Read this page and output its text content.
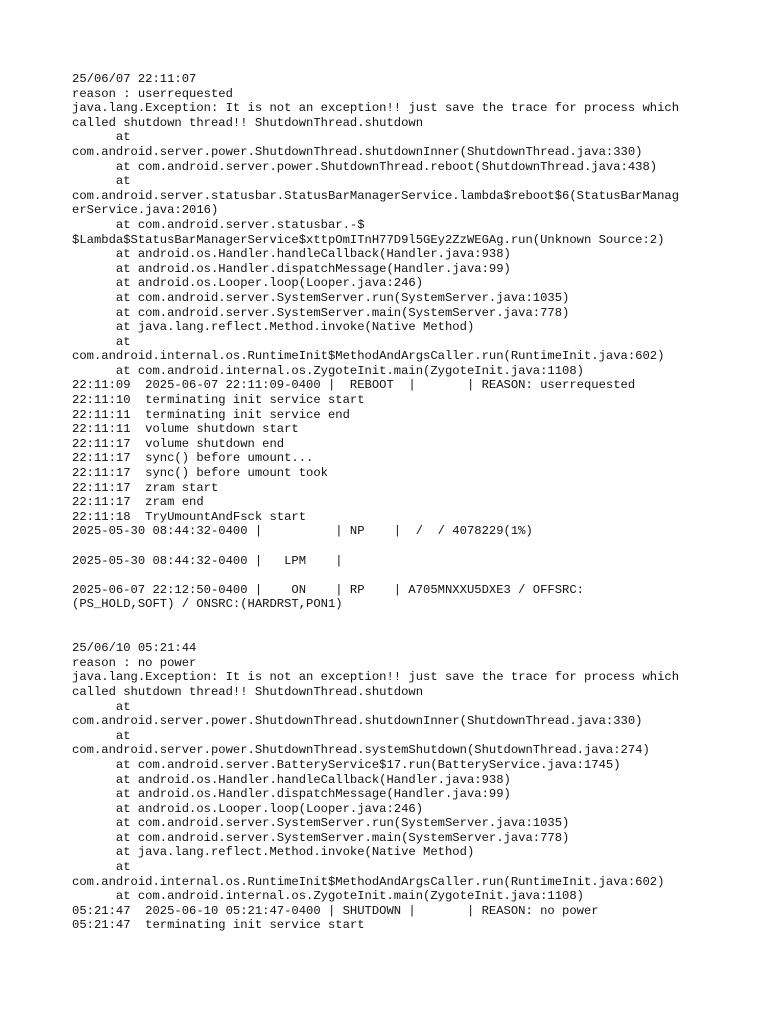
25/06/07 22:11:07
reason : userrequested
java.lang.Exception: It is not an exception!! just save the trace for process which
called shutdown thread!! ShutdownThread.shutdown
at
com.android.server.power.ShutdownThread.shutdownInner(ShutdownThread.java:330)
at com.android.server.power.ShutdownThread.reboot(ShutdownThread.java:438)
at
com.android.server.statusbar.StatusBarManagerService.lambda$reboot$6(StatusBarManag
erService.java:2016)
at com.android.server.statusbar.-$
$Lambda$StatusBarManagerService$xttpOmITnH77D9l5GEy2ZzWEGAg.run(Unknown Source:2)
at android.os.Handler.handleCallback(Handler.java:938)
at android.os.Handler.dispatchMessage(Handler.java:99)
at android.os.Looper.loop(Looper.java:246)
at com.android.server.SystemServer.run(SystemServer.java:1035)
at com.android.server.SystemServer.main(SystemServer.java:778)
at java.lang.reflect.Method.invoke(Native Method)
at
com.android.internal.os.RuntimeInit$MethodAndArgsCaller.run(RuntimeInit.java:602)
at com.android.internal.os.ZygoteInit.main(ZygoteInit.java:1108)
22:11:09  2025-06-07 22:11:09-0400 |  REBOOT  |       | REASON: userrequested
22:11:10  terminating init service start
22:11:11  terminating init service end
22:11:11  volume shutdown start
22:11:17  volume shutdown end
22:11:17  sync() before umount...
22:11:17  sync() before umount took
22:11:17  zram start
22:11:17  zram end
22:11:18  TryUmountAndFsck start
2025-05-30 08:44:32-0400 |          | NP    |  /  / 4078229(1%)
2025-05-30 08:44:32-0400 |   LPM    |
2025-06-07 22:12:50-0400 |    ON    | RP    | A705MNXXU5DXE3 / OFFSRC:
(PS_HOLD,SOFT) / ONSRC:(HARDRST,PON1)
25/06/10 05:21:44
reason : no power
java.lang.Exception: It is not an exception!! just save the trace for process which
called shutdown thread!! ShutdownThread.shutdown
at
com.android.server.power.ShutdownThread.shutdownInner(ShutdownThread.java:330)
at
com.android.server.power.ShutdownThread.systemShutdown(ShutdownThread.java:274)
at com.android.server.BatteryService$17.run(BatteryService.java:1745)
at android.os.Handler.handleCallback(Handler.java:938)
at android.os.Handler.dispatchMessage(Handler.java:99)
at android.os.Looper.loop(Looper.java:246)
at com.android.server.SystemServer.run(SystemServer.java:1035)
at com.android.server.SystemServer.main(SystemServer.java:778)
at java.lang.reflect.Method.invoke(Native Method)
at
com.android.internal.os.RuntimeInit$MethodAndArgsCaller.run(RuntimeInit.java:602)
at com.android.internal.os.ZygoteInit.main(ZygoteInit.java:1108)
05:21:47  2025-06-10 05:21:47-0400 | SHUTDOWN |       | REASON: no power
05:21:47  terminating init service start
